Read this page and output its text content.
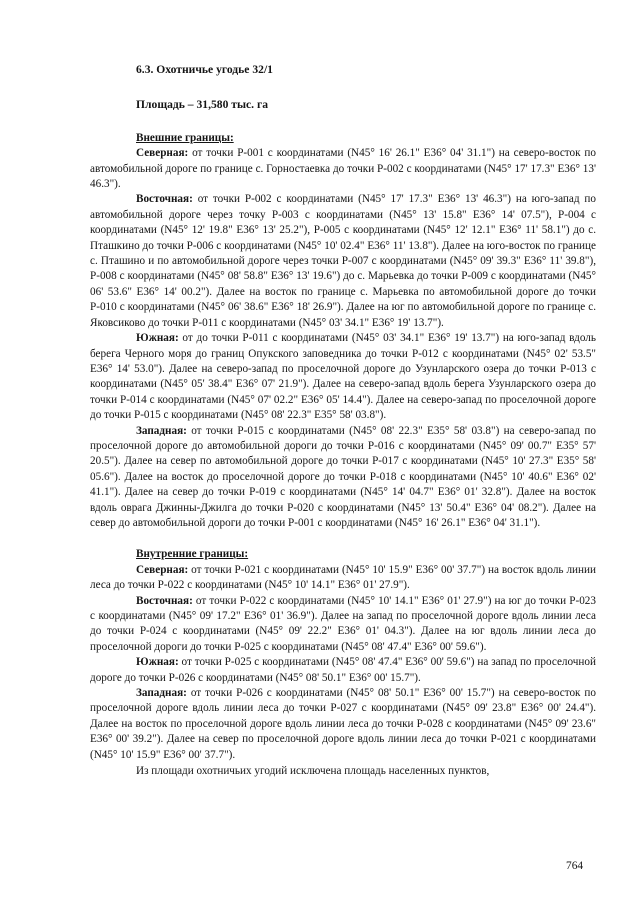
6.3. Охотничье угодье 32/1
Площадь – 31,580 тыс. га
Внешние границы:

Северная: от точки Р-001 с координатами (N45° 16' 26.1" E36° 04' 31.1") на северо-восток по автомобильной дороге по границе с. Горностаевка до точки Р-002 с координатами (N45° 17' 17.3" E36° 13' 46.3").

Восточная: от точки Р-002 с координатами (N45° 17' 17.3" E36° 13' 46.3") на юго-запад по автомобильной дороге через точку Р-003 с координатами (N45° 13' 15.8" E36° 14' 07.5"), Р-004 с координатами (N45° 12' 19.8" E36° 13' 25.2"), Р-005 с координатами (N45° 12' 12.1" E36° 11' 58.1") до с. Пташкино до точки Р-006 с координатами (N45° 10' 02.4" E36° 11' 13.8"). Далее на юго-восток по границе с. Пташино и по автомобильной дороге через точки Р-007 с координатами (N45° 09' 39.3" E36° 11' 39.8"), Р-008 с координатами (N45° 08' 58.8" E36° 13' 19.6") до с. Марьевка до точки Р-009 с координатами (N45° 06' 53.6" E36° 14' 00.2"). Далее на восток по границе с. Марьевка по автомобильной дороге до точки Р-010 с координатами (N45° 06' 38.6" E36° 18' 26.9"). Далее на юг по автомобильной дороге по границе с. Яковсиково до точки Р-011 с координатами (N45° 03' 34.1" E36° 19' 13.7").

Южная: от до точки Р-011 с координатами (N45° 03' 34.1" E36° 19' 13.7") на юго-запад вдоль берега Черного моря до границ Опукского заповедника до точки Р-012 с координатами (N45° 02' 53.5" E36° 14' 53.0"). Далее на северо-запад по проселочной дороге до Узунларского озера до точки Р-013 с координатами (N45° 05' 38.4" E36° 07' 21.9"). Далее на северо-запад вдоль берега Узунларского озера до точки Р-014 с координатами (N45° 07' 02.2" E36° 05' 14.4"). Далее на северо-запад по проселочной дороге до точки Р-015 с координатами (N45° 08' 22.3" E35° 58' 03.8").

Западная: от точки Р-015 с координатами (N45° 08' 22.3" E35° 58' 03.8") на северо-запад по проселочной дороге до автомобильной дороги до точки Р-016 с координатами (N45° 09' 00.7" E35° 57' 20.5"). Далее на север по автомобильной дороге до точки Р-017 с координатами (N45° 10' 27.3" E35° 58' 05.6"). Далее на восток до проселочной дороге до точки Р-018 с координатами (N45° 10' 40.6" E36° 02' 41.1"). Далее на север до точки Р-019 с координатами (N45° 14' 04.7" E36° 01' 32.8"). Далее на восток вдоль оврага Джинны-Джилга до точки Р-020 с координатами (N45° 13' 50.4" E36° 04' 08.2"). Далее на север до автомобильной дороги до точки Р-001 с координатами (N45° 16' 26.1" E36° 04' 31.1").

Внутренние границы:

Северная: от точки Р-021 с координатами (N45° 10' 15.9" E36° 00' 37.7") на восток вдоль линии леса до точки Р-022 с координатами (N45° 10' 14.1" E36° 01' 27.9").

Восточная: от точки Р-022 с координатами (N45° 10' 14.1" E36° 01' 27.9") на юг до точки Р-023 с координатами (N45° 09' 17.2" E36° 01' 36.9"). Далее на запад по проселочной дороге вдоль линии леса до точки Р-024 с координатами (N45° 09' 22.2" E36° 01' 04.3"). Далее на юг вдоль линии леса до проселочной дороги до точки Р-025 с координатами (N45° 08' 47.4" E36° 00' 59.6").

Южная: от точки Р-025 с координатами (N45° 08' 47.4" E36° 00' 59.6") на запад по проселочной дороге до точки Р-026 с координатами (N45° 08' 50.1" E36° 00' 15.7").

Западная: от точки Р-026 с координатами (N45° 08' 50.1" E36° 00' 15.7") на северо-восток по проселочной дороге вдоль линии леса до точки Р-027 с координатами (N45° 09' 23.8" E36° 00' 24.4"). Далее на восток по проселочной дороге вдоль линии леса до точки Р-028 с координатами (N45° 09' 23.6" E36° 00' 39.2"). Далее на север по проселочной дороге вдоль линии леса до точки Р-021 с координатами (N45° 10' 15.9" E36° 00' 37.7").

Из площади охотничьих угодий исключена площадь населенных пунктов,

764
